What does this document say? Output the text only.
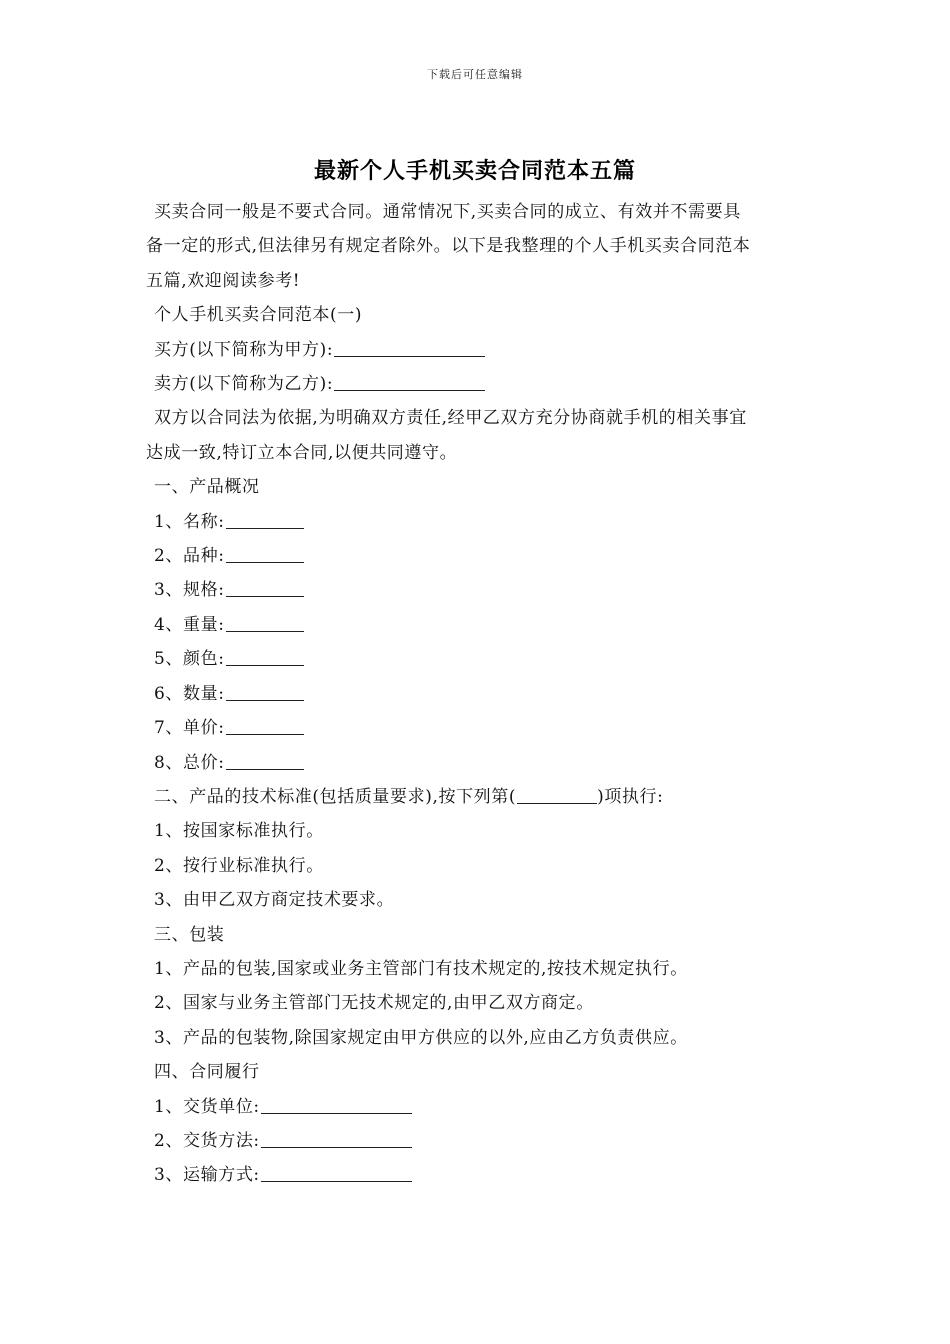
下载后可任意编辑
最新个人手机买卖合同范本五篇

买卖合同一般是不要式合同。通常情况下,买卖合同的成立、有效并不需要具

备一定的形式,但法律另有规定者除外。以下是我整理的个人手机买卖合同范本

五篇,欢迎阅读参考!

个人手机买卖合同范本(一)

买方(以下简称为甲方):

卖方(以下简称为乙方):

双方以合同法为依据,为明确双方责任,经甲乙双方充分协商就手机的相关事宜

达成一致,特订立本合同,以便共同遵守。

一、产品概况

1、名称:

2、品种:

3、规格:

4、重量:

5、颜色:

6、数量:

7、单价:

8、总价:

二、产品的技术标准(包括质量要求),按下列第(	)项执行:

1、按国家标准执行。

2、按行业标准执行。

3、由甲乙双方商定技术要求。

三、包装

1、产品的包装,国家或业务主管部门有技术规定的,按技术规定执行。

2、国家与业务主管部门无技术规定的,由甲乙双方商定。

3、产品的包装物,除国家规定由甲方供应的以外,应由乙方负责供应。

四、合同履行

1、交货单位:

2、交货方法:

3、运输方式:
